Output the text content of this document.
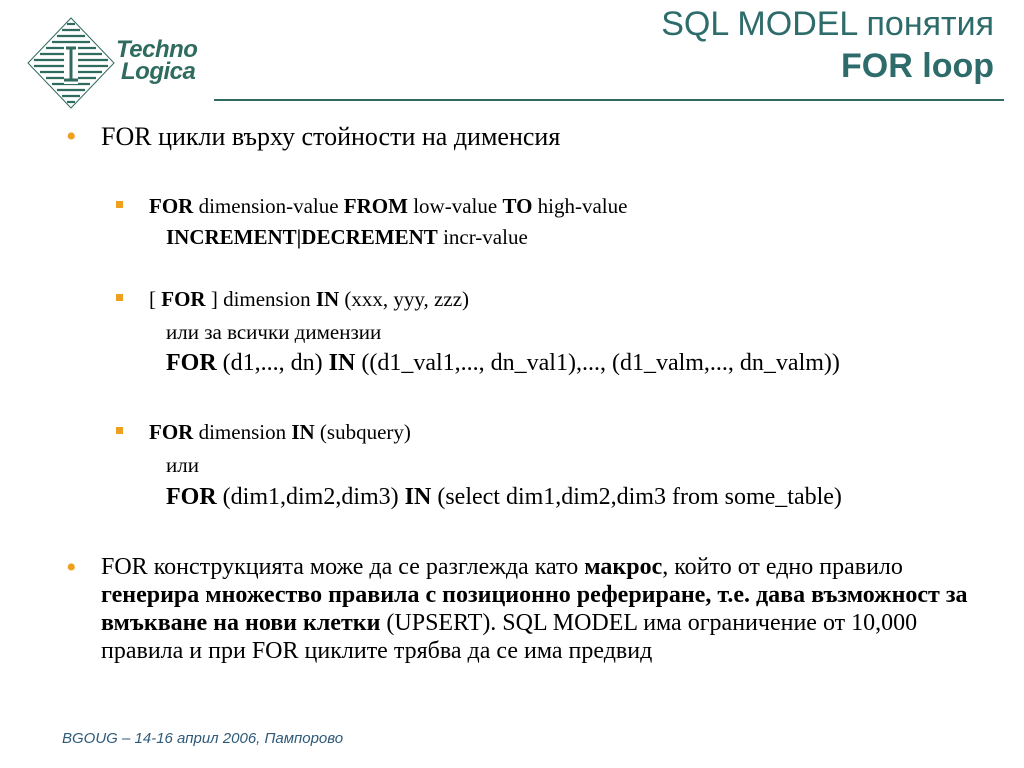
Techno
Logica
SQL MODEL понятия
FOR loop
• FOR цикли върху стойности на дименсия
FOR dimension-value FROM low-value TO high-value
INCREMENT|DECREMENT incr-value
[ FOR ] dimension IN (xxx, yyy, zzz)
или за всички димензии
FOR (d1,..., dn) IN ((d1_val1,..., dn_val1),..., (d1_valm,..., dn_valm))
FOR dimension IN (subquery)
или
FOR (dim1,dim2,dim3) IN (select dim1,dim2,dim3 from some_table)
• FOR конструкцията може да се разглежда като макрос, който от едно правило генерира множество правила с позиционно рефериране, т.е. дава възможност за вмъкване на нови клетки (UPSERT). SQL MODEL има ограничение от 10,000 правила и при FOR циклите трябва да се има предвид
BGOUG – 14-16 април 2006, Пампорово
